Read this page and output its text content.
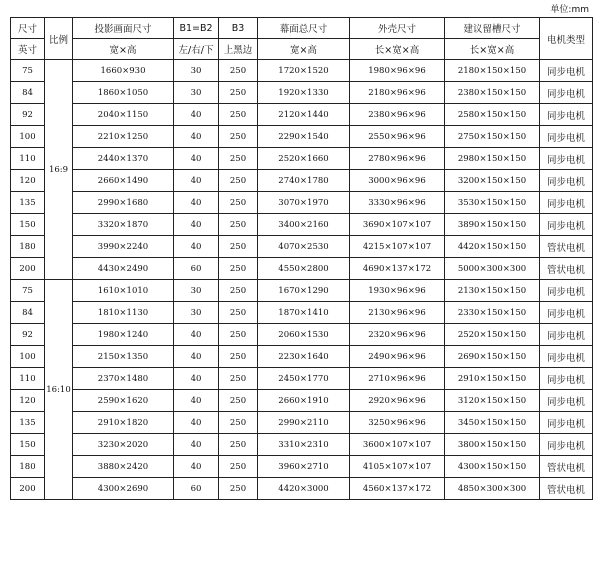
单位:mm
尺寸	比例	投影画面尺寸	B1=B2	B3	幕面总尺寸	外壳尺寸	建议留槽尺寸	电机类型
英寸		宽×高	左/右/下	上黑边	宽×高	长×宽×高	长×宽×高	
75	16:9	1660×930	30	250	1720×1520	1980×96×96	2180×150×150	同步电机
84		1860×1050	30	250	1920×1330	2180×96×96	2380×150×150	同步电机
92		2040×1150	40	250	2120×1440	2380×96×96	2580×150×150	同步电机
100		2210×1250	40	250	2290×1540	2550×96×96	2750×150×150	同步电机
110		2440×1370	40	250	2520×1660	2780×96×96	2980×150×150	同步电机
120		2660×1490	40	250	2740×1780	3000×96×96	3200×150×150	同步电机
135		2990×1680	40	250	3070×1970	3330×96×96	3530×150×150	同步电机
150		3320×1870	40	250	3400×2160	3690×107×107	3890×150×150	同步电机
180		3990×2240	40	250	4070×2530	4215×107×107	4420×150×150	管状电机
200		4430×2490	60	250	4550×2800	4690×137×172	5000×300×300	管状电机
75	16:10	1610×1010	30	250	1670×1290	1930×96×96	2130×150×150	同步电机
84		1810×1130	30	250	1870×1410	2130×96×96	2330×150×150	同步电机
92		1980×1240	40	250	2060×1530	2320×96×96	2520×150×150	同步电机
100		2150×1350	40	250	2230×1640	2490×96×96	2690×150×150	同步电机
110		2370×1480	40	250	2450×1770	2710×96×96	2910×150×150	同步电机
120		2590×1620	40	250	2660×1910	2920×96×96	3120×150×150	同步电机
135		2910×1820	40	250	2990×2110	3250×96×96	3450×150×150	同步电机
150		3230×2020	40	250	3310×2310	3600×107×107	3800×150×150	同步电机
180		3880×2420	40	250	3960×2710	4105×107×107	4300×150×150	管状电机
200		4300×2690	60	250	4420×3000	4560×137×172	4850×300×300	管状电机
